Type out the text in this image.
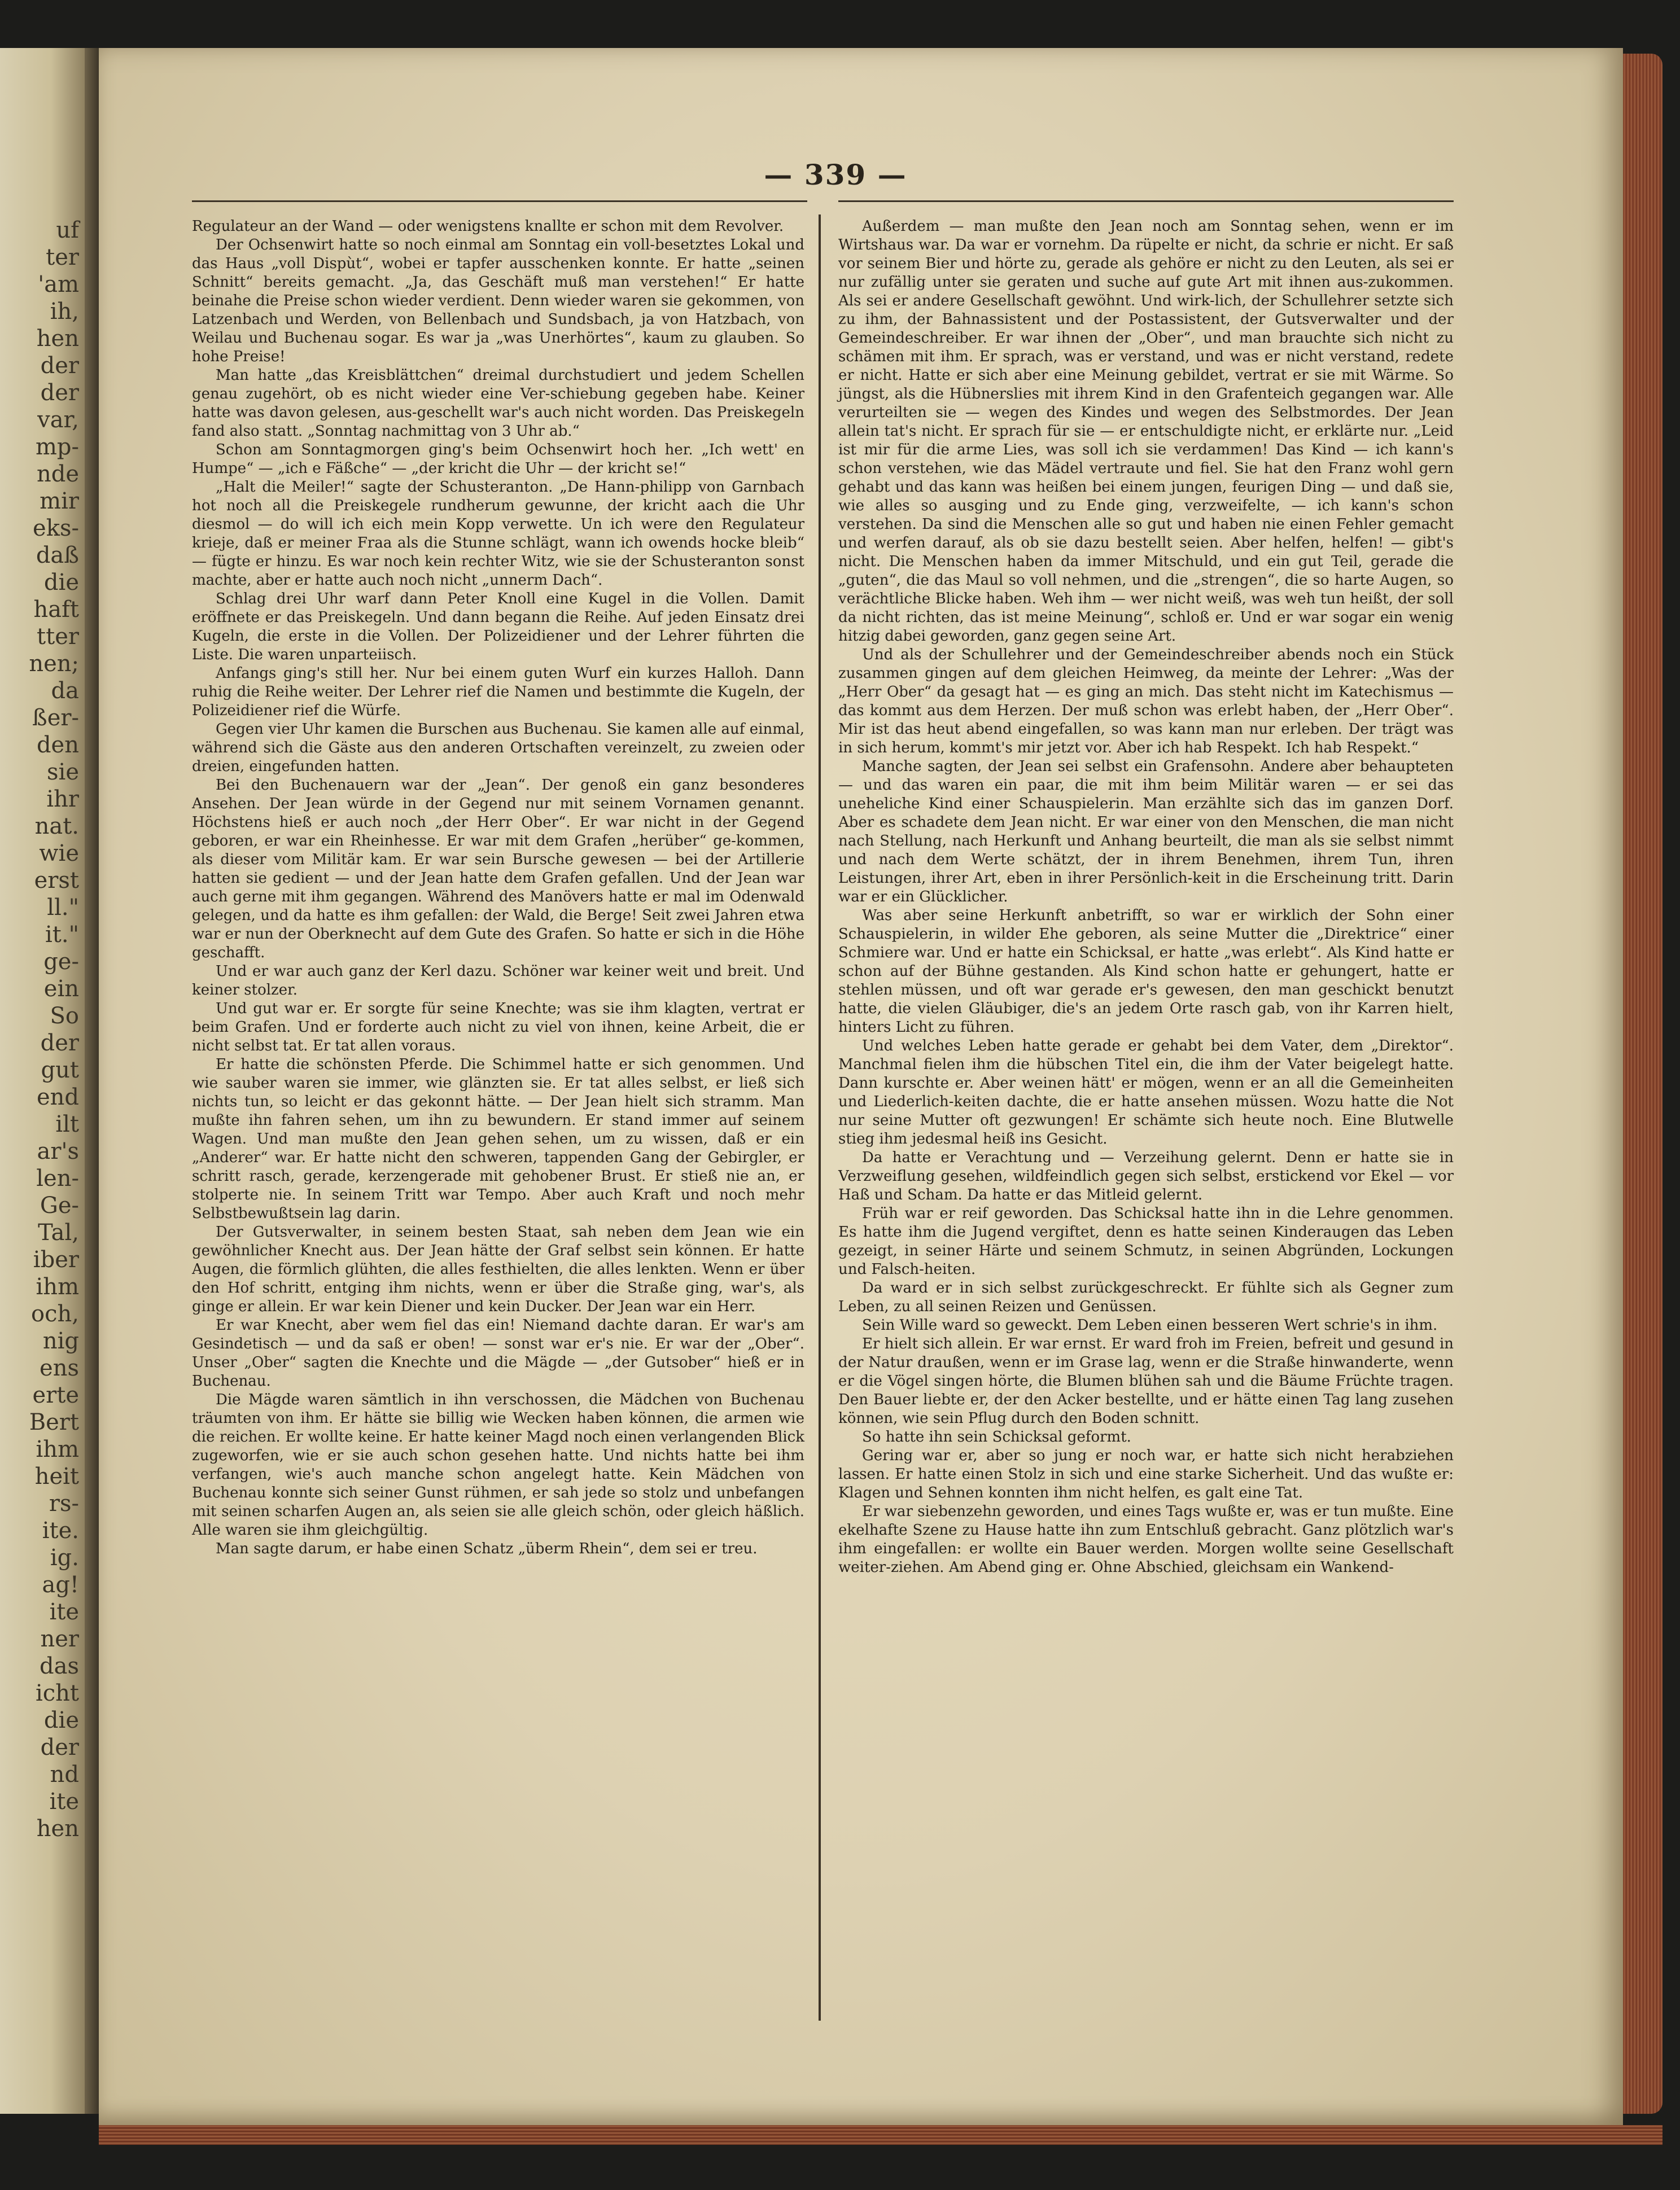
uf
ter
'am
ih,
hen
der
der
var,
mp-
nde
mir
eks-
daß
die
haft
tter
nen;
da
ßer-
den
sie
ihr
nat.
wie
erst
ll."
it."
ge-
ein
So
der
gut
end
ilt
ar's
len-
Ge-
Tal,
iber
ihm
och,
nig
ens
erte
Bert
ihm
heit
rs-
ite.
ig.
ag!
ite
ner
das
icht
die
der
nd
ite
hen
— 339 —

Regulateur an der Wand — oder wenigstens knallte er schon mit dem Revolver.

Der Ochsenwirt hatte so noch einmal am Sonntag ein voll-besetztes Lokal und das Haus „voll Dispùt“, wobei er tapfer ausschenken konnte. Er hatte „seinen Schnitt“ bereits gemacht. „Ja, das Geschäft muß man verstehen!“ Er hatte beinahe die Preise schon wieder verdient. Denn wieder waren sie gekommen, von Latzenbach und Werden, von Bellenbach und Sundsbach, ja von Hatzbach, von Weilau und Buchenau sogar. Es war ja „was Unerhörtes“, kaum zu glauben. So hohe Preise!

Man hatte „das Kreisblättchen“ dreimal durchstudiert und jedem Schellen genau zugehört, ob es nicht wieder eine Ver-schiebung gegeben habe. Keiner hatte was davon gelesen, aus-geschellt war's auch nicht worden. Das Preiskegeln fand also statt. „Sonntag nachmittag von 3 Uhr ab.“

Schon am Sonntagmorgen ging's beim Ochsenwirt hoch her. „Ich wett' en Humpe“ — „ich e Fäßche“ — „der kricht die Uhr — der kricht se!“

„Halt die Meiler!“ sagte der Schusteranton. „De Hann-philipp von Garnbach hot noch all die Preiskegele rundherum gewunne, der kricht aach die Uhr diesmol — do will ich eich mein Kopp verwette. Un ich were den Regulateur krieje, daß er meiner Fraa als die Stunne schlägt, wann ich owends hocke bleib“ — fügte er hinzu. Es war noch kein rechter Witz, wie sie der Schusteranton sonst machte, aber er hatte auch noch nicht „unnerm Dach“.

Schlag drei Uhr warf dann Peter Knoll eine Kugel in die Vollen. Damit eröffnete er das Preiskegeln. Und dann begann die Reihe. Auf jeden Einsatz drei Kugeln, die erste in die Vollen. Der Polizeidiener und der Lehrer führten die Liste. Die waren unparteiisch.

Anfangs ging's still her. Nur bei einem guten Wurf ein kurzes Halloh. Dann ruhig die Reihe weiter. Der Lehrer rief die Namen und bestimmte die Kugeln, der Polizeidiener rief die Würfe.

Gegen vier Uhr kamen die Burschen aus Buchenau. Sie kamen alle auf einmal, während sich die Gäste aus den anderen Ortschaften vereinzelt, zu zweien oder dreien, eingefunden hatten.

Bei den Buchenauern war der „Jean“. Der genoß ein ganz besonderes Ansehen. Der Jean würde in der Gegend nur mit seinem Vornamen genannt. Höchstens hieß er auch noch „der Herr Ober“. Er war nicht in der Gegend geboren, er war ein Rheinhesse. Er war mit dem Grafen „herüber“ ge-kommen, als dieser vom Militär kam. Er war sein Bursche gewesen — bei der Artillerie hatten sie gedient — und der Jean hatte dem Grafen gefallen. Und der Jean war auch gerne mit ihm gegangen. Während des Manövers hatte er mal im Odenwald gelegen, und da hatte es ihm gefallen: der Wald, die Berge! Seit zwei Jahren etwa war er nun der Oberknecht auf dem Gute des Grafen. So hatte er sich in die Höhe geschafft.

Und er war auch ganz der Kerl dazu. Schöner war keiner weit und breit. Und keiner stolzer.

Und gut war er. Er sorgte für seine Knechte; was sie ihm klagten, vertrat er beim Grafen. Und er forderte auch nicht zu viel von ihnen, keine Arbeit, die er nicht selbst tat. Er tat allen voraus.

Er hatte die schönsten Pferde. Die Schimmel hatte er sich genommen. Und wie sauber waren sie immer, wie glänzten sie. Er tat alles selbst, er ließ sich nichts tun, so leicht er das gekonnt hätte. — Der Jean hielt sich stramm. Man mußte ihn fahren sehen, um ihn zu bewundern. Er stand immer auf seinem Wagen. Und man mußte den Jean gehen sehen, um zu wissen, daß er ein „Anderer“ war. Er hatte nicht den schweren, tappenden Gang der Gebirgler, er schritt rasch, gerade, kerzengerade mit gehobener Brust. Er stieß nie an, er stolperte nie. In seinem Tritt war Tempo. Aber auch Kraft und noch mehr Selbstbewußtsein lag darin.

Der Gutsverwalter, in seinem besten Staat, sah neben dem Jean wie ein gewöhnlicher Knecht aus. Der Jean hätte der Graf selbst sein können. Er hatte Augen, die förmlich glühten, die alles festhielten, die alles lenkten. Wenn er über den Hof schritt, entging ihm nichts, wenn er über die Straße ging, war's, als ginge er allein. Er war kein Diener und kein Ducker. Der Jean war ein Herr.

Er war Knecht, aber wem fiel das ein! Niemand dachte daran. Er war's am Gesindetisch — und da saß er oben! — sonst war er's nie. Er war der „Ober“. Unser „Ober“ sagten die Knechte und die Mägde — „der Gutsober“ hieß er in Buchenau.

Die Mägde waren sämtlich in ihn verschossen, die Mädchen von Buchenau träumten von ihm. Er hätte sie billig wie Wecken haben können, die armen wie die reichen. Er wollte keine. Er hatte keiner Magd noch einen verlangenden Blick zugeworfen, wie er sie auch schon gesehen hatte. Und nichts hatte bei ihm verfangen, wie's auch manche schon angelegt hatte. Kein Mädchen von Buchenau konnte sich seiner Gunst rühmen, er sah jede so stolz und unbefangen mit seinen scharfen Augen an, als seien sie alle gleich schön, oder gleich häßlich. Alle waren sie ihm gleichgültig.

Man sagte darum, er habe einen Schatz „überm Rhein“, dem sei er treu.

Außerdem — man mußte den Jean noch am Sonntag sehen, wenn er im Wirtshaus war. Da war er vornehm. Da rüpelte er nicht, da schrie er nicht. Er saß vor seinem Bier und hörte zu, gerade als gehöre er nicht zu den Leuten, als sei er nur zufällig unter sie geraten und suche auf gute Art mit ihnen aus-zukommen. Als sei er andere Gesellschaft gewöhnt. Und wirk-lich, der Schullehrer setzte sich zu ihm, der Bahnassistent und der Postassistent, der Gutsverwalter und der Gemeindeschreiber. Er war ihnen der „Ober“, und man brauchte sich nicht zu schämen mit ihm. Er sprach, was er verstand, und was er nicht verstand, redete er nicht. Hatte er sich aber eine Meinung gebildet, vertrat er sie mit Wärme. So jüngst, als die Hübnerslies mit ihrem Kind in den Grafenteich gegangen war. Alle verurteilten sie — wegen des Kindes und wegen des Selbstmordes. Der Jean allein tat's nicht. Er sprach für sie — er entschuldigte nicht, er erklärte nur. „Leid ist mir für die arme Lies, was soll ich sie verdammen! Das Kind — ich kann's schon verstehen, wie das Mädel vertraute und fiel. Sie hat den Franz wohl gern gehabt und das kann was heißen bei einem jungen, feurigen Ding — und daß sie, wie alles so ausging und zu Ende ging, verzweifelte, — ich kann's schon verstehen. Da sind die Menschen alle so gut und haben nie einen Fehler gemacht und werfen darauf, als ob sie dazu bestellt seien. Aber helfen, helfen! — gibt's nicht. Die Menschen haben da immer Mitschuld, und ein gut Teil, gerade die „guten“, die das Maul so voll nehmen, und die „strengen“, die so harte Augen, so verächtliche Blicke haben. Weh ihm — wer nicht weiß, was weh tun heißt, der soll da nicht richten, das ist meine Meinung“, schloß er. Und er war sogar ein wenig hitzig dabei geworden, ganz gegen seine Art.

Und als der Schullehrer und der Gemeindeschreiber abends noch ein Stück zusammen gingen auf dem gleichen Heimweg, da meinte der Lehrer: „Was der „Herr Ober“ da gesagt hat — es ging an mich. Das steht nicht im Katechismus — das kommt aus dem Herzen. Der muß schon was erlebt haben, der „Herr Ober“. Mir ist das heut abend eingefallen, so was kann man nur erleben. Der trägt was in sich herum, kommt's mir jetzt vor. Aber ich hab Respekt. Ich hab Respekt.“

Manche sagten, der Jean sei selbst ein Grafensohn. Andere aber behaupteten — und das waren ein paar, die mit ihm beim Militär waren — er sei das uneheliche Kind einer Schauspielerin. Man erzählte sich das im ganzen Dorf. Aber es schadete dem Jean nicht. Er war einer von den Menschen, die man nicht nach Stellung, nach Herkunft und Anhang beurteilt, die man als sie selbst nimmt und nach dem Werte schätzt, der in ihrem Benehmen, ihrem Tun, ihren Leistungen, ihrer Art, eben in ihrer Persönlich-keit in die Erscheinung tritt. Darin war er ein Glücklicher.

Was aber seine Herkunft anbetrifft, so war er wirklich der Sohn einer Schauspielerin, in wilder Ehe geboren, als seine Mutter die „Direktrice“ einer Schmiere war. Und er hatte ein Schicksal, er hatte „was erlebt“. Als Kind hatte er schon auf der Bühne gestanden. Als Kind schon hatte er gehungert, hatte er stehlen müssen, und oft war gerade er's gewesen, den man geschickt benutzt hatte, die vielen Gläubiger, die's an jedem Orte rasch gab, von ihr Karren hielt, hinters Licht zu führen.

Und welches Leben hatte gerade er gehabt bei dem Vater, dem „Direktor“. Manchmal fielen ihm die hübschen Titel ein, die ihm der Vater beigelegt hatte. Dann kurschte er. Aber weinen hätt' er mögen, wenn er an all die Gemeinheiten und Liederlich-keiten dachte, die er hatte ansehen müssen. Wozu hatte die Not nur seine Mutter oft gezwungen! Er schämte sich heute noch. Eine Blutwelle stieg ihm jedesmal heiß ins Gesicht.

Da hatte er Verachtung und — Verzeihung gelernt. Denn er hatte sie in Verzweiflung gesehen, wildfeindlich gegen sich selbst, erstickend vor Ekel — vor Haß und Scham. Da hatte er das Mitleid gelernt.

Früh war er reif geworden. Das Schicksal hatte ihn in die Lehre genommen. Es hatte ihm die Jugend vergiftet, denn es hatte seinen Kinderaugen das Leben gezeigt, in seiner Härte und seinem Schmutz, in seinen Abgründen, Lockungen und Falsch-heiten.

Da ward er in sich selbst zurückgeschreckt. Er fühlte sich als Gegner zum Leben, zu all seinen Reizen und Genüssen.

Sein Wille ward so geweckt. Dem Leben einen besseren Wert schrie's in ihm.

Er hielt sich allein. Er war ernst. Er ward froh im Freien, befreit und gesund in der Natur draußen, wenn er im Grase lag, wenn er die Straße hinwanderte, wenn er die Vögel singen hörte, die Blumen blühen sah und die Bäume Früchte tragen. Den Bauer liebte er, der den Acker bestellte, und er hätte einen Tag lang zusehen können, wie sein Pflug durch den Boden schnitt.

So hatte ihn sein Schicksal geformt.

Gering war er, aber so jung er noch war, er hatte sich nicht herabziehen lassen. Er hatte einen Stolz in sich und eine starke Sicherheit. Und das wußte er: Klagen und Sehnen konnten ihm nicht helfen, es galt eine Tat.

Er war siebenzehn geworden, und eines Tags wußte er, was er tun mußte. Eine ekelhafte Szene zu Hause hatte ihn zum Entschluß gebracht. Ganz plötzlich war's ihm eingefallen: er wollte ein Bauer werden. Morgen wollte seine Gesellschaft weiter-ziehen. Am Abend ging er. Ohne Abschied, gleichsam ein Wankend-
